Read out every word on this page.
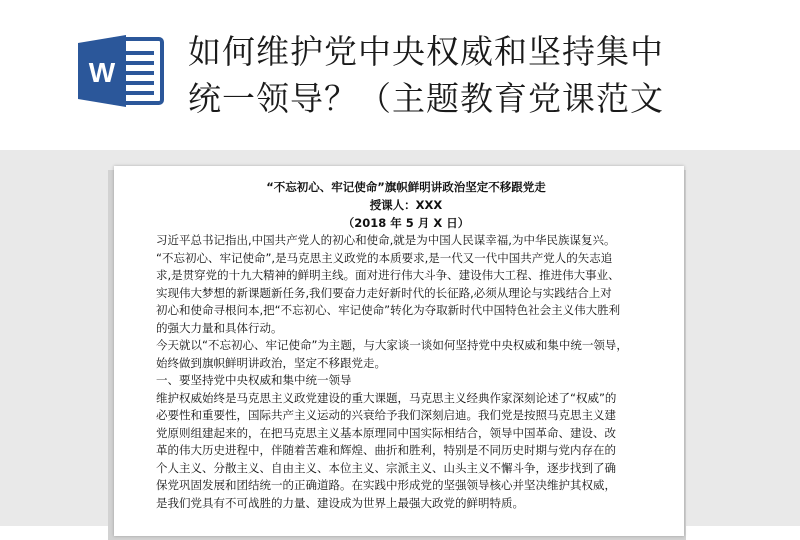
W
如何维护党中央权威和坚持集中
统一领导？（主题教育党课范文
“不忘初心、牢记使命”旗帜鲜明讲政治坚定不移跟党走
授课人：XXX
（2018 年 5 月 X 日）
习近平总书记指出,中国共产党人的初心和使命,就是为中国人民谋幸福,为中华民族谋复兴。
“不忘初心、牢记使命”,是马克思主义政党的本质要求,是一代又一代中国共产党人的矢志追
求,是贯穿党的十九大精神的鲜明主线。面对进行伟大斗争、建设伟大工程、推进伟大事业、
实现伟大梦想的新课题新任务,我们要奋力走好新时代的长征路,必须从理论与实践结合上对
初心和使命寻根问本,把“不忘初心、牢记使命”转化为夺取新时代中国特色社会主义伟大胜利
的强大力量和具体行动。
今天就以“不忘初心、牢记使命”为主题，与大家谈一谈如何坚持党中央权威和集中统一领导，
始终做到旗帜鲜明讲政治，坚定不移跟党走。
一、要坚持党中央权威和集中统一领导
维护权威始终是马克思主义政党建设的重大课题，马克思主义经典作家深刻论述了“权威”的
必要性和重要性，国际共产主义运动的兴衰给予我们深刻启迪。我们党是按照马克思主义建
党原则组建起来的，在把马克思主义基本原理同中国实际相结合，领导中国革命、建设、改
革的伟大历史进程中，伴随着苦难和辉煌、曲折和胜利，特别是不同历史时期与党内存在的
个人主义、分散主义、自由主义、本位主义、宗派主义、山头主义不懈斗争，逐步找到了确
保党巩固发展和团结统一的正确道路。在实践中形成党的坚强领导核心并坚决维护其权威，
是我们党具有不可战胜的力量、建设成为世界上最强大政党的鲜明特质。
